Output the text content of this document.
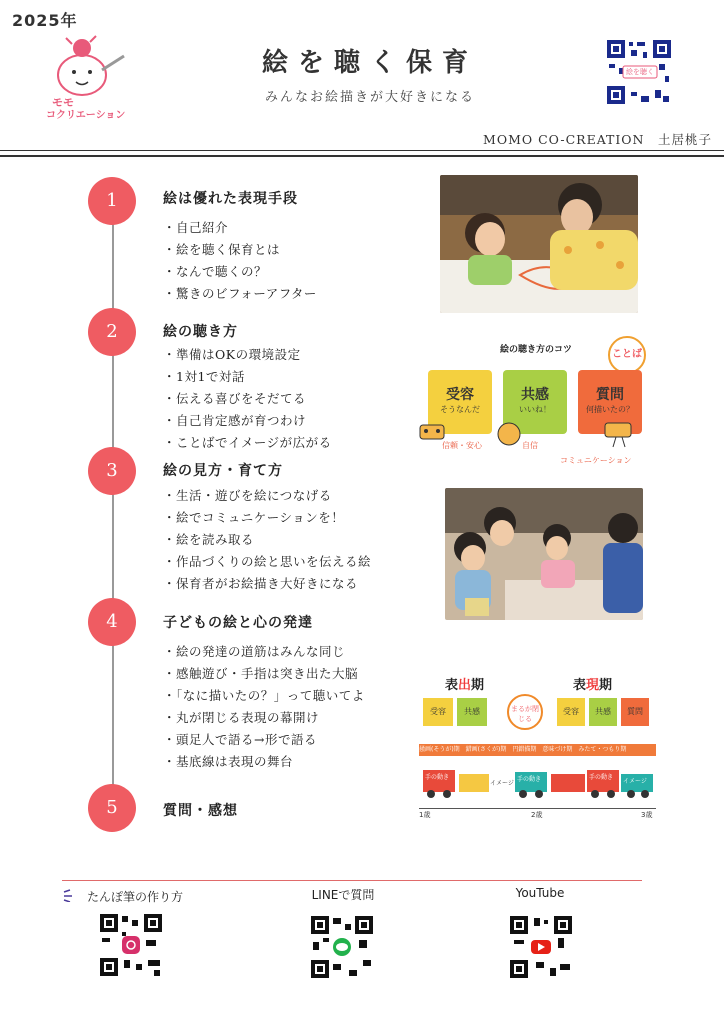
2025年
モモ
コクリエーション
絵を聴く保育
みんなお絵描きが大好きになる
絵を聴く
MOMO CO-CREATION　土居桃子
1	絵は優れた表現手段
・自己紹介
・絵を聴く保育とは
・なんで聴くの？
・驚きのビフォーアフター
2	絵の聴き方
・準備はOKの環境設定
・1対1で対話
・伝える喜びをそだてる
・自己肯定感が育つわけ
・ことばでイメージが広がる
3	絵の見方・育て方
・生活・遊びを絵につなげる
・絵でコミュニケーションを！
・絵を読み取る
・作品づくりの絵と思いを伝える絵
・保育者がお絵描き大好きになる
4	子どもの絵と心の発達
・絵の発達の道筋はみんな同じ
・感触遊び・手指は突き出た大脳
・「なに描いたの？」って聴いてよ
・丸が閉じる表現の幕開け
・頭足人で語る→形で語る
・基底線は表現の舞台
5	質問・感想
絵の聴き方のコツ	ことば
受容
そうなんだ
共感
いいね！
質問
何描いたの？
信頼・安心	自信
コミュニケーション
表出期	表現期
受容	共感	まるが閉じる
受容	共感	質問
掻画(そうが)期　錯画(さくが)期　円錯描期　意味づけ期　みたて・つもり期
手の動き
イメージ
手の動き	手の動き
イメージ
1歳	2歳	3歳
たんぽ筆の作り方	LINEで質問	YouTube
